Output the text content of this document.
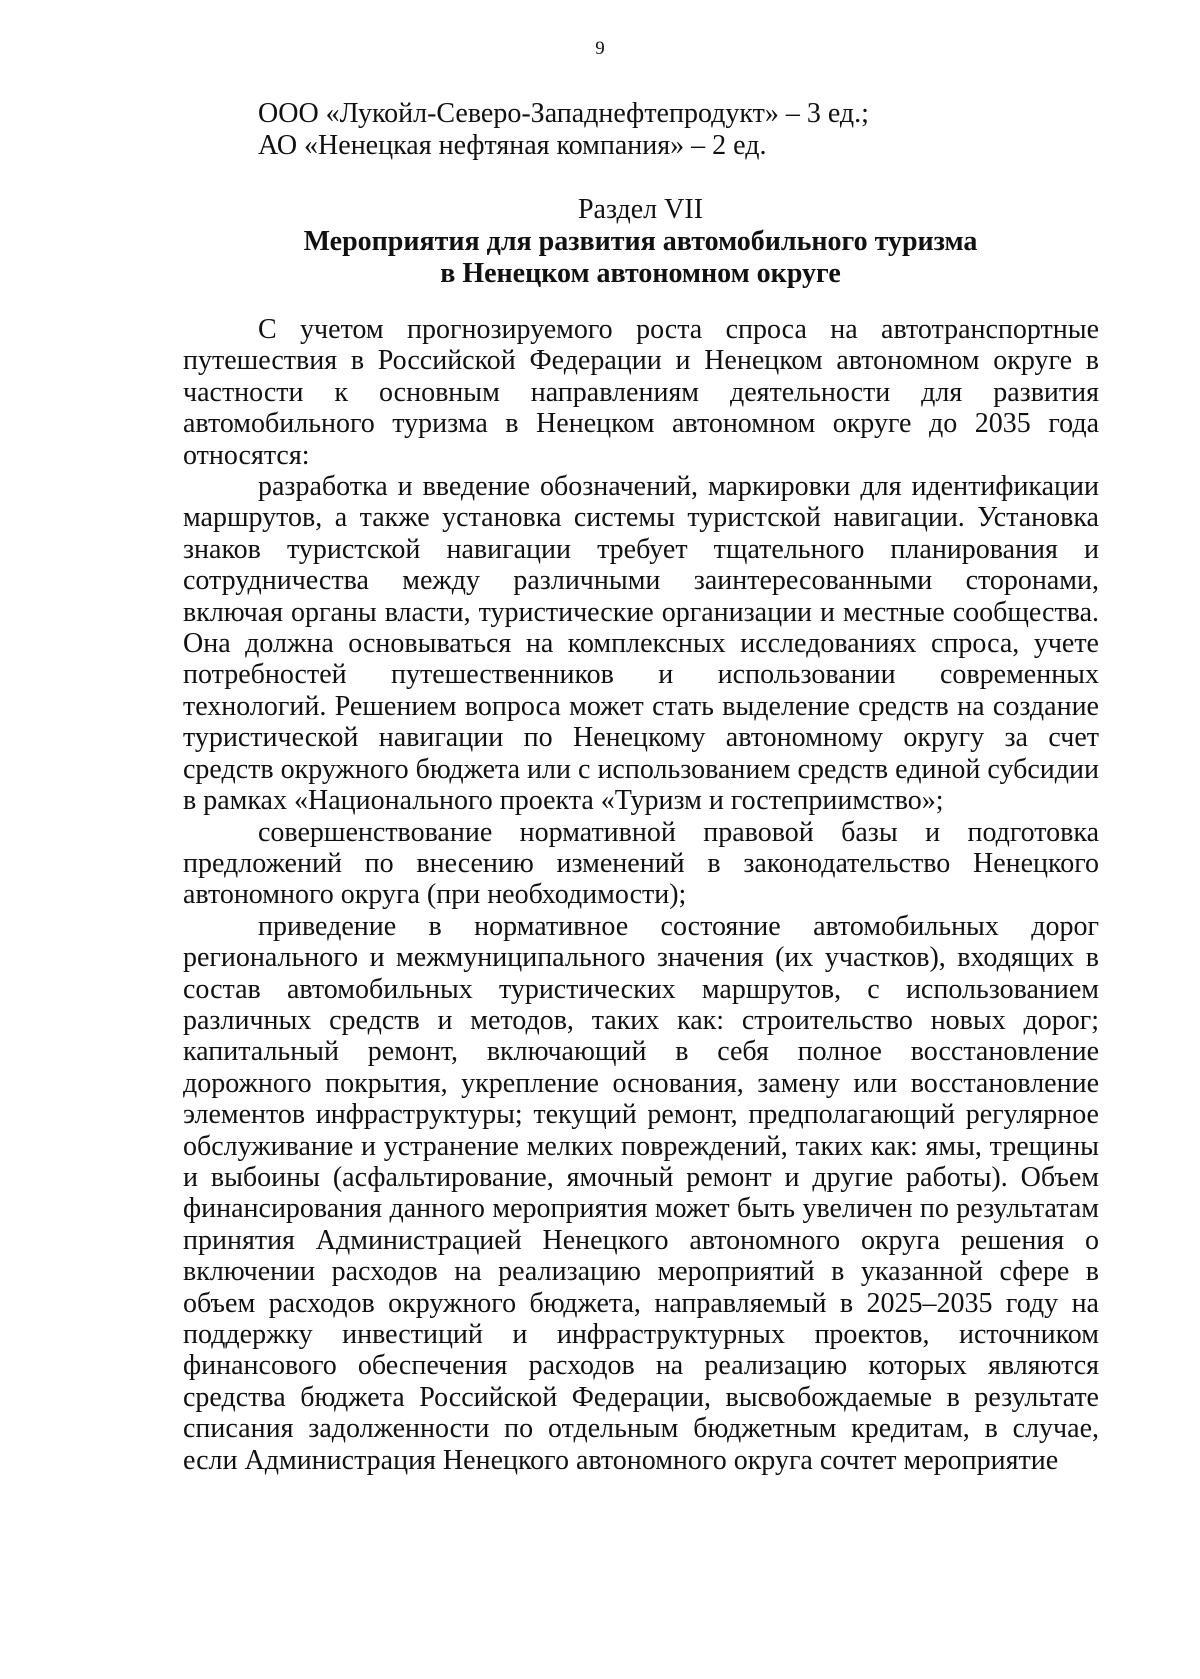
9
ООО «Лукойл-Северо-Западнефтепродукт» – 3 ед.;
АО «Ненецкая нефтяная компания» – 2 ед.
Раздел VII
Мероприятия для развития автомобильного туризма
в Ненецком автономном округе

С учетом прогнозируемого роста спроса на автотранспортные путешествия в Российской Федерации и Ненецком автономном округе в частности к основным направлениям деятельности для развития автомобильного туризма в Ненецком автономном округе до 2035 года относятся:

разработка и введение обозначений, маркировки для идентификации маршрутов, а также установка системы туристской навигации. Установка знаков туристской навигации требует тщательного планирования и сотрудничества между различными заинтересованными сторонами, включая органы власти, туристические организации и местные сообщества. Она должна основываться на комплексных исследованиях спроса, учете потребностей путешественников и использовании современных технологий. Решением вопроса может стать выделение средств на создание туристической навигации по Ненецкому автономному округу за счет средств окружного бюджета или с использованием средств единой субсидии в рамках «Национального проекта «Туризм и гостеприимство»;

совершенствование нормативной правовой базы и подготовка предложений по внесению изменений в законодательство Ненецкого автономного округа (при необходимости);

приведение в нормативное состояние автомобильных дорог регионального и межмуниципального значения (их участков), входящих в состав автомобильных туристических маршрутов, с использованием различных средств и методов, таких как: строительство новых дорог; капитальный ремонт, включающий в себя полное восстановление дорожного покрытия, укрепление основания, замену или восстановление элементов инфраструктуры; текущий ремонт, предполагающий регулярное обслуживание и устранение мелких повреждений, таких как: ямы, трещины и выбоины (асфальтирование, ямочный ремонт и другие работы). Объем финансирования данного мероприятия может быть увеличен по результатам принятия Администрацией Ненецкого автономного округа решения о включении расходов на реализацию мероприятий в указанной сфере в объем расходов окружного бюджета, направляемый в 2025–2035 году на поддержку инвестиций и инфраструктурных проектов, источником финансового обеспечения расходов на реализацию которых являются средства бюджета Российской Федерации, высвобождаемые в результате списания задолженности по отдельным бюджетным кредитам, в случае, если Администрация Ненецкого автономного округа сочтет мероприятие
